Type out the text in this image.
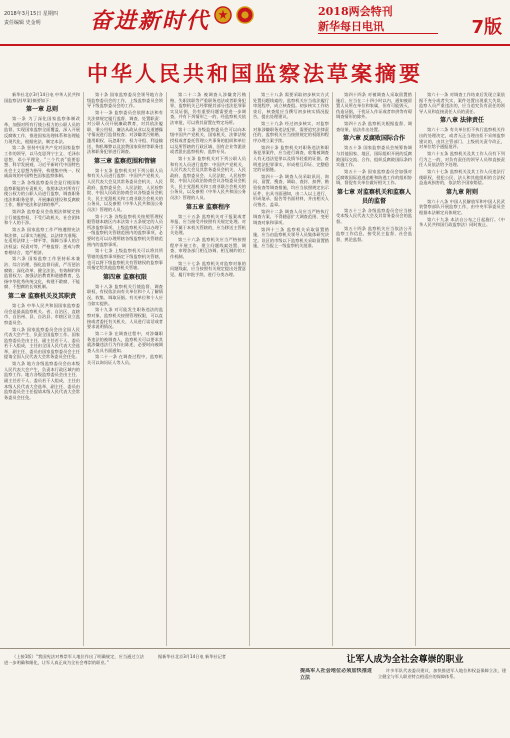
2018年3月15日 星期四
责任编辑 史金明 奋进新时代	2018两会特刊
新华每日电讯	7版
中华人民共和国监察法草案摘要

新华社北京3月14日电 中华人民共和国监察法(草案)摘要如下：

第一章 总则

第一条 为了深化国家监察体制改革，加强对所有行使公权力的公职人员的监督，实现国家监察全面覆盖，深入开展反腐败工作，推进国家治理体系和治理能力现代化，根据宪法，制定本法。

第二条 坚持中国共产党对国家监察工作的领导，以马克思列宁主义、毛泽东思想、邓小平理论、“三个代表”重要思想、科学发展观、习近平新时代中国特色社会主义思想为指导，构建集中统一、权威高效的中国特色国家监察体制。

第三条 各级监察委员会是行使国家监察职能的专责机关，依照本法对所有行使公权力的公职人员进行监察，调查职务违法和职务犯罪，开展廉政建设和反腐败工作，维护宪法和法律的尊严。

第四条 监察委员会依照法律规定独立行使监察权，不受行政机关、社会团体和个人的干涉。

第五条 国家监察工作严格遵照宪法和法律，以事实为根据，以法律为准绳；在适用法律上一律平等，保障当事人的合法权益；权责对等，严格监督；惩戒与教育相结合，宽严相济。

第六条 国家监察工作坚持标本兼治、综合治理，强化监督问责，严厉惩治腐败；深化改革、健全法治，有效制约和监督权力；加强法治教育和道德教育，弘扬中华优秀传统文化，构建不敢腐、不能腐、不想腐的长效机制。

第二章 监察机关及其职责

第七条 中华人民共和国国家监察委员会是最高监察机关。省、自治区、直辖市、自治州、县、自治县、市辖区设立监察委员会。

第八条 国家监察委员会由全国人民代表大会产生，负责全国监察工作。国家监察委员会由主任、副主任若干人、委员若干人组成，主任由全国人民代表大会选举，副主任、委员由国家监察委员会主任提请全国人民代表大会常务委员会任免。

第九条 地方各级监察委员会由本级人民代表大会产生，负责本行政区域内的监察工作。地方各级监察委员会由主任、副主任若干人、委员若干人组成，主任由本级人民代表大会选举，副主任、委员由监察委员会主任提请本级人民代表大会常务委员会任免。

第十条 国家监察委员会领导地方各级监察委员会的工作，上级监察委员会领导下级监察委员会的工作。

第十一条 监察委员会依照本法和有关法律规定履行监督、调查、处置职责：对公职人员开展廉政教育，对其依法履职、秉公用权、廉洁从政从业以及道德操守情况进行监督检查；对涉嫌贪污贿赂、滥用职权、玩忽职守、权力寻租、利益输送、徇私舞弊以及浪费国家资财等职务违法和职务犯罪进行调查。

第三章 监察范围和管辖

第十五条 监察机关对下列公职人员和有关人员进行监察：中国共产党机关、人民代表大会及其常务委员会机关、人民政府、监察委员会、人民法院、人民检察院、中国人民政治协商会议各级委员会机关、民主党派机关和工商业联合会机关的公务员，以及参照《中华人民共和国公务员法》管理的人员。

第十六条 各级监察机关按照管理权限管辖本辖区内本法第十五条规定的人员所涉监察事项。上级监察机关可以办理下一级监察机关管辖范围内的监察事项，必要时也可以办理所辖各级监察机关管辖范围内的监察事项。

第十七条 上级监察机关可以将其所管辖的监察事项指定下级监察机关管辖，也可以将下级监察机关有管辖权的监察事项指定给其他监察机关管辖。

第四章 监察权限

第十八条 监察机关行使监督、调查职权，有权依法向有关单位和个人了解情况，收集、调取证据。有关单位和个人应当如实提供。

第十九条 对可能发生职务违法的监察对象，监察机关按照管理权限，可以直接或者委托有关机关、人员进行谈话或者要求说明情况。

第二十条 在调查过程中，对涉嫌职务违法的被调查人，监察机关可以要求其就涉嫌违法行为作出陈述，必要时向被调查人出具书面通知。

第二十一条 在调查过程中，监察机关可以询问证人等人员。

第二十二条 被调查人涉嫌贪污贿赂、失职渎职等严重职务违法或者职务犯罪，监察机关已经掌握其部分违法犯罪事实及证据，仍有重要问题需要进一步调查，并有下列情形之一的，经监察机关依法审批，可以将其留置在特定场所。

第十二条 各级监察委员会可以向本级中国共产党机关、国家机关、法律法规授权或者委托管理公共事务的组织和单位以及所管辖的行政区域、国有企业等派驻或者派出监察机构、监察专员。

第十五条 监察机关对下列公职人员和有关人员进行监察：中国共产党机关、人民代表大会及其常务委员会机关、人民政府、监察委员会、人民法院、人民检察院、中国人民政治协商会议各级委员会机关、民主党派机关和工商业联合会机关的公务员，以及参照《中华人民共和国公务员法》管理的人员。

第五章 监察程序

第三十五条 监察机关对于报案或者举报，应当接受并按照有关规定处理。对于不属于本机关管辖的，应当移送主管机关处理。

第三十六条 监察机关应当严格按照程序开展工作，建立问题线索处置、调查、审理各部门相互协调、相互制约的工作机制。

第三十七条 监察机关对监察对象的问题线索，应当按照有关规定提出处置意见，履行审批手续，进行分类办理。

第三十八条 需要采取初步核实方式处置问题线索的，监察机关应当依法履行审批程序，成立核查组。初步核实工作结束后，核查组应当撰写初步核实情况报告，提出处理建议。

第三十九条 经过初步核实，对监察对象涉嫌职务违法犯罪，需要追究法律责任的，监察机关应当按照规定的权限和程序办理立案手续。

第四十条 监察机关对职务违法和职务犯罪案件，应当进行调查，收集被调查人有无违法犯罪以及情节轻重的证据，查明违法犯罪事实，形成相互印证、完整稳定的证据链。

第四十一条 调查人员采取讯问、询问、留置、搜查、调取、查封、扣押、勘验检查等调查措施，均应当依照规定出示证件，出具书面通知，由二人以上进行，形成笔录、报告等书面材料，并由相关人员签名、盖章。

第四十二条 调查人员应当严格执行调查方案，不得随意扩大调查范围、变更调查对象和事项。

第四十三条 监察机关采取留置措施，应当由监察机关领导人员集体研究决定。设区的市级以下监察机关采取留置措施，应当报上一级监察机关批准。

第四十四条 对被调查人采取留置措施后，应当在二十四小时以内，通知被留置人员所在单位和家属，但有可能毁灭、伪造证据，干扰证人作证或者串供等有碍调查情形的除外。

第四十五条 监察机关根据监督、调查结果，依法作出处置。

第六章 反腐败国际合作

第五十条 国家监察委员会统筹协调与其他国家、地区、国际组织开展的反腐败国际交流、合作，组织反腐败国际条约实施工作。

第五十一条 国家监察委员会加强对反腐败国际追逃追赃和防逃工作的组织协调，督促有关单位做好相关工作。

第七章 对监察机关和监察人员的监督

第五十三条 各级监察委员会应当接受本级人民代表大会及其常务委员会的监督。

第五十四条 监察机关应当依法公开监察工作信息，接受民主监督、社会监督、舆论监督。

第六十一条 对调查工作结束后发现立案依据不充分或者失实，案件处置出现重大失误，监察人员严重违法的，应当追究负有责任的领导人员和直接责任人员的责任。

第八章 法律责任

第六十二条 有关单位拒不执行监察机关作出的处理决定，或者无正当理由拒不采纳监察建议的，由其主管部门、上级机关责令改正，对单位给予通报批评。

第六十五条 监察机关及其工作人员有下列行为之一的，对负有责任的领导人员和直接责任人员依法给予处理。

第六十七条 监察机关及其工作人员违法行使职权，侵犯公民、法人和其他组织的合法权益造成损害的，依法给予国家赔偿。

第九章 附则

第六十八条 中国人民解放军和中国人民武装警察部队开展监察工作，由中央军事委员会根据本法制定具体规定。

第六十九条 本法自公布之日起施行。《中华人民共和国行政监察法》同时废止。

（上接1版）“我国宪法对尊崇军人地位作出了明确规定，应当通过立法进一步明确和细化，让军人真正成为全社会尊崇的职业。”

据新华社北京3月14日电 新华社记者	让军人成为全社会尊崇的职业
提高军人社会地位必须加快推进立法

许多军队代表委员建议，加快推进军人地位和权益保障立法，建立健全与军人职业特点相适应的保障体系。
